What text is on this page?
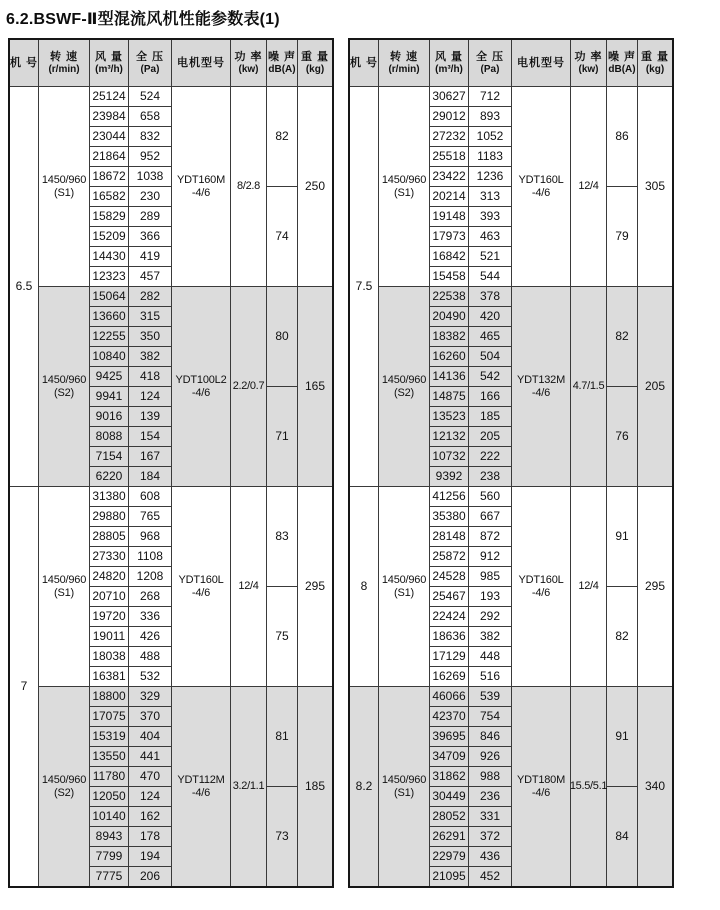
6.2.BSWF-Ⅱ型混流风机性能参数表(1)
机 号 转 速
(r/min)
风 量
(m³/h)
全 压
(Pa)
电机型号 功 率
(kw)
噪 声
dB(A)
重 量
(kg)
6.5
1450/960
(S1)
25124 524
23984 658
23044 832
21864 952
18672 1038
16582 230
15829 289
15209 366
14430 419
12323 457
YDT160M
-4/6
8/2.8
82
74
250
1450/960
(S2)
15064 282
13660 315
12255 350
10840 382
9425 418
9941 124
9016 139
8088 154
7154 167
6220 184
YDT100L2
-4/6
2.2/0.7
80
71
165
7
1450/960
(S1)
31380 608
29880 765
28805 968
27330 1108
24820 1208
20710 268
19720 336
19011 426
18038 488
16381 532
YDT160L
-4/6
12/4
83
75
295
1450/960
(S2)
18800 329
17075 370
15319 404
13550 441
11780 470
12050 124
10140 162
8943 178
7799 194
7775 206
YDT112M
-4/6
3.2/1.1
81
73
185
机 号 转 速
(r/min)
风 量
(m³/h)
全 压
(Pa)
电机型号 功 率
(kw)
噪 声
dB(A)
重 量
(kg)
7.5
1450/960
(S1)
30627 712
29012 893
27232 1052
25518 1183
23422 1236
20214 313
19148 393
17973 463
16842 521
15458 544
YDT160L
-4/6
12/4
86
79
305
1450/960
(S2)
22538 378
20490 420
18382 465
16260 504
14136 542
14875 166
13523 185
12132 205
10732 222
9392 238
YDT132M
-4/6
4.7/1.5
82
76
205
8 1450/960
(S1)
41256 560
35380 667
28148 872
25872 912
24528 985
25467 193
22424 292
18636 382
17129 448
16269 516
YDT160L
-4/6
12/4
91
82
295
8.2 1450/960
(S1)
46066 539
42370 754
39695 846
34709 926
31862 988
30449 236
28052 331
26291 372
22979 436
21095 452
YDT180M
-4/6
15.5/5.1
91
84
340
